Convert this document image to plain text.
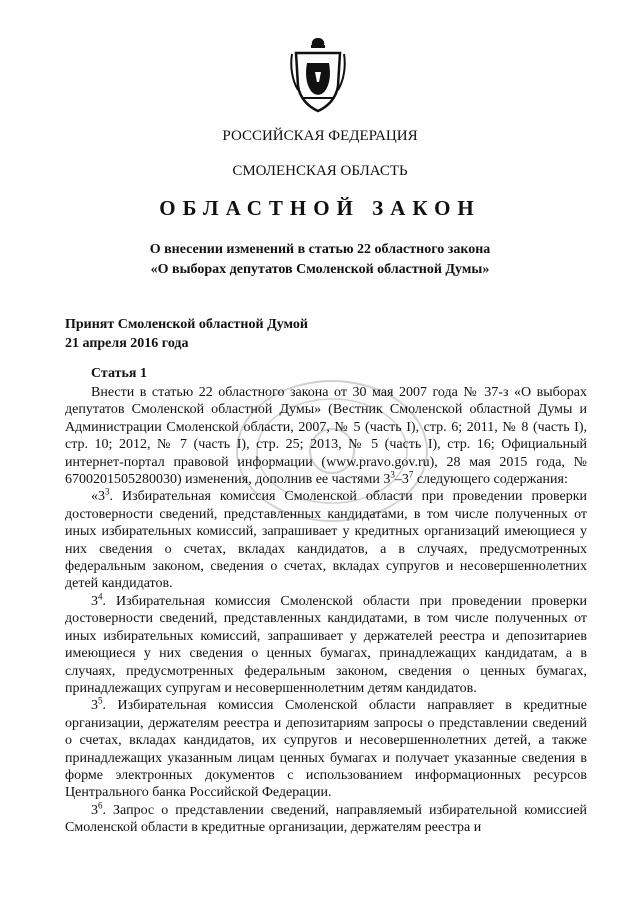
РОССИЙСКАЯ ФЕДЕРАЦИЯ
СМОЛЕНСКАЯ ОБЛАСТЬ
ОБЛАСТНОЙ ЗАКОН
О внесении изменений в статью 22 областного закона
«О выборах депутатов Смоленской областной Думы»
Принят Смоленской областной Думой
21 апреля 2016 года
Статья 1

Внести в статью 22 областного закона от 30 мая 2007 года № 37-з «О выборах депутатов Смоленской областной Думы» (Вестник Смоленской областной Думы и Администрации Смоленской области, 2007, № 5 (часть I), стр. 6; 2011, № 8 (часть I), стр. 10; 2012, № 7 (часть I), стр. 25; 2013, № 5 (часть I), стр. 16; Официальный интернет-портал правовой информации (www.pravo.gov.ru), 28 мая 2015 года, № 6700201505280030) изменения, дополнив ее частями $3^3-3^7$ следующего содержания:

«$3^3$. Избирательная комиссия Смоленской области при проведении проверки достоверности сведений, представленных кандидатами, в том числе полученных от иных избирательных комиссий, запрашивает у кредитных организаций имеющиеся у них сведения о счетах, вкладах кандидатов, а в случаях, предусмотренных федеральным законом, сведения о счетах, вкладах супругов и несовершеннолетних детей кандидатов.

$3^4$. Избирательная комиссия Смоленской области при проведении проверки достоверности сведений, представленных кандидатами, в том числе полученных от иных избирательных комиссий, запрашивает у держателей реестра и депозитариев имеющиеся у них сведения о ценных бумагах, принадлежащих кандидатам, а в случаях, предусмотренных федеральным законом, сведения о ценных бумагах, принадлежащих супругам и несовершеннолетним детям кандидатов.

$3^5$. Избирательная комиссия Смоленской области направляет в кредитные организации, держателям реестра и депозитариям запросы о представлении сведений о счетах, вкладах кандидатов, их супругов и несовершеннолетних детей, а также принадлежащих указанным лицам ценных бумагах и получает указанные сведения в форме электронных документов с использованием информационных ресурсов Центрального банка Российской Федерации.

$3^6$. Запрос о представлении сведений, направляемый избирательной комиссией Смоленской области в кредитные организации, держателям реестра и
